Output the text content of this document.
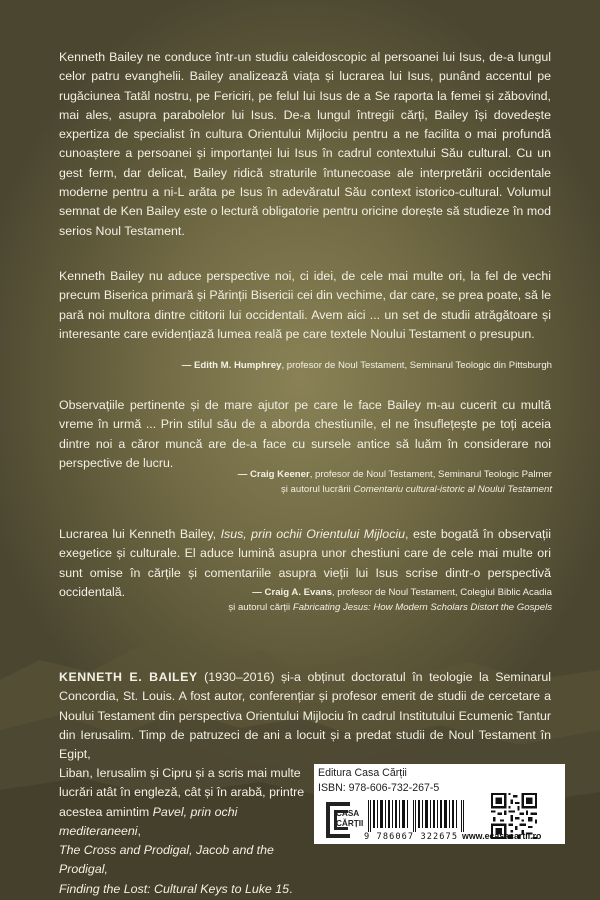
Kenneth Bailey ne conduce într-un studiu caleidoscopic al persoanei lui Isus, de-a lungul celor patru evanghelii. Bailey analizează viața și lucrarea lui Isus, punând accentul pe rugăciunea Tatăl nostru, pe Fericiri, pe felul lui Isus de a Se raporta la femei și zăbovind, mai ales, asupra parabolelor lui Isus. De-a lungul întregii cărți, Bailey își dovedește expertiza de specialist în cultura Orientului Mijlociu pentru a ne facilita o mai profundă cunoaștere a persoanei și importanței lui Isus în cadrul contextului Său cultural. Cu un gest ferm, dar delicat, Bailey ridică straturile întunecoase ale interpretării occidentale moderne pentru a ni-L arăta pe Isus în adevăratul Său context istorico-cultural. Volumul semnat de Ken Bailey este o lectură obligatorie pentru oricine dorește să studieze în mod serios Noul Testament.

Kenneth Bailey nu aduce perspective noi, ci idei, de cele mai multe ori, la fel de vechi precum Biserica primară și Părinții Bisericii cei din vechime, dar care, se prea poate, să le pară noi multora dintre cititorii lui occidentali. Avem aici ... un set de studii atrăgătoare și interesante care evidențiază lumea reală pe care textele Noului Testament o presupun.

— Edith M. Humphrey, profesor de Noul Testament, Seminarul Teologic din Pittsburgh

Observațiile pertinente și de mare ajutor pe care le face Bailey m-au cucerit cu multă vreme în urmă ... Prin stilul său de a aborda chestiunile, el ne însuflețește pe toți aceia dintre noi a căror muncă are de-a face cu sursele antice să luăm în considerare noi perspective de lucru.

— Craig Keener, profesor de Noul Testament, Seminarul Teologic Palmer
și autorul lucrării Comentariu cultural-istoric al Noului Testament

Lucrarea lui Kenneth Bailey, Isus, prin ochii Orientului Mijlociu, este bogată în observații exegetice și culturale. El aduce lumină asupra unor chestiuni care de cele mai multe ori sunt omise în cărțile și comentariile asupra vieții lui Isus scrise dintr-o perspectivă occidentală.	— Craig A. Evans, profesor de Noul Testament, Colegiul Biblic Acadia
și autorul cărții Fabricating Jesus: How Modern Scholars Distort the Gospels

KENNETH E. BAILEY (1930–2016) și-a obținut doctoratul în teologie la Seminarul Concordia, St. Louis. A fost autor, conferențiar și profesor emerit de studii de cercetare a Noului Testament din perspectiva Orientului Mijlociu în cadrul Institutului Ecumenic Tantur din Ierusalim. Timp de patruzeci de ani a locuit și a predat studii de Noul Testament în Egipt,

Liban, Ierusalim și Cipru și a scris mai multe
lucrări atât în engleză, cât și în arabă, printre
acestea amintim Pavel, prin ochi mediteraneeni,
The Cross and Prodigal, Jacob and the Prodigal,
Finding the Lost: Cultural Keys to Luke 15.
Editura Casa Cărții
ISBN: 978-606-732-267-5
CASA
CĂRȚII
9 786067 322675 www.ecasacartii.ro
